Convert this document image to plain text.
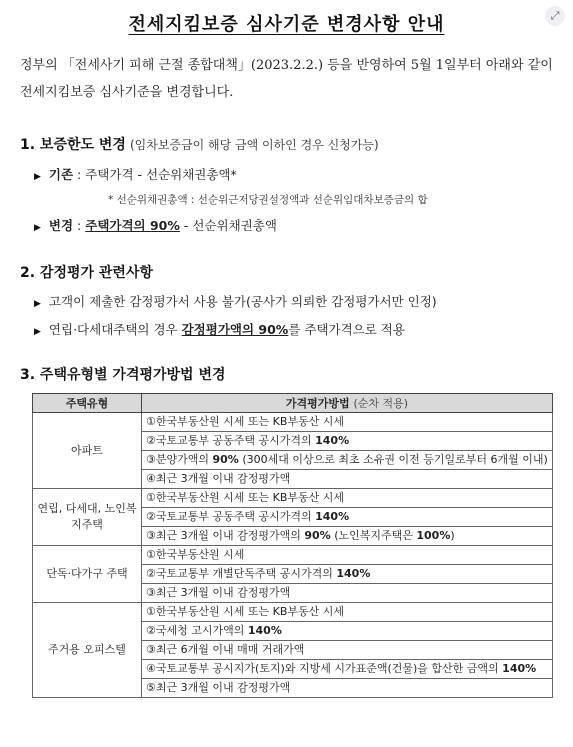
⤢
전세지킴보증 심사기준 변경사항 안내
정부의 「전세사기 피해 근절 종합대책」(2023.2.2.) 등을 반영하여 5월 1일부터 아래와 같이 전세지킴보증 심사기준을 변경합니다.
1. 보증한도 변경 (임차보증금이 해당 금액 이하인 경우 신청가능)
▶ 기존 : 주택가격 - 선순위채권총액*
* 선순위채권총액 : 선순위근저당권설정액과 선순위임대차보증금의 합
▶ 변경 : 주택가격의 90% - 선순위채권총액
2. 감정평가 관련사항
▶ 고객이 제출한 감정평가서 사용 불가(공사가 의뢰한 감정평가서만 인정)
▶ 연립·다세대주택의 경우 감정평가액의 90%를 주택가격으로 적용
3. 주택유형별 가격평가방법 변경
주택유형	가격평가방법 (순차 적용)
아파트	①한국부동산원 시세 또는 KB부동산 시세
	②국토교통부 공동주택 공시가격의 140%
	③분양가액의 90% (300세대 이상으로 최초 소유권 이전 등기일로부터 6개월 이내)
	④최근 3개월 이내 감정평가액
연립, 다세대, 노인복지주택	①한국부동산원 시세 또는 KB부동산 시세
	②국토교통부 공동주택 공시가격의 140%
	③최근 3개월 이내 감정평가액의 90% (노인복지주택은 100%)
단독·다가구 주택	①한국부동산원 시세
	②국토교통부 개별단독주택 공시가격의 140%
	③최근 3개월 이내 감정평가액
주거용 오피스텔	①한국부동산원 시세 또는 KB부동산 시세
	②국세청 고시가액의 140%
	③최근 6개월 이내 매매 거래가액
	④국토교통부 공시지가(토지)와 지방세 시가표준액(건물)을 합산한 금액의 140%
	⑤최근 3개월 이내 감정평가액
